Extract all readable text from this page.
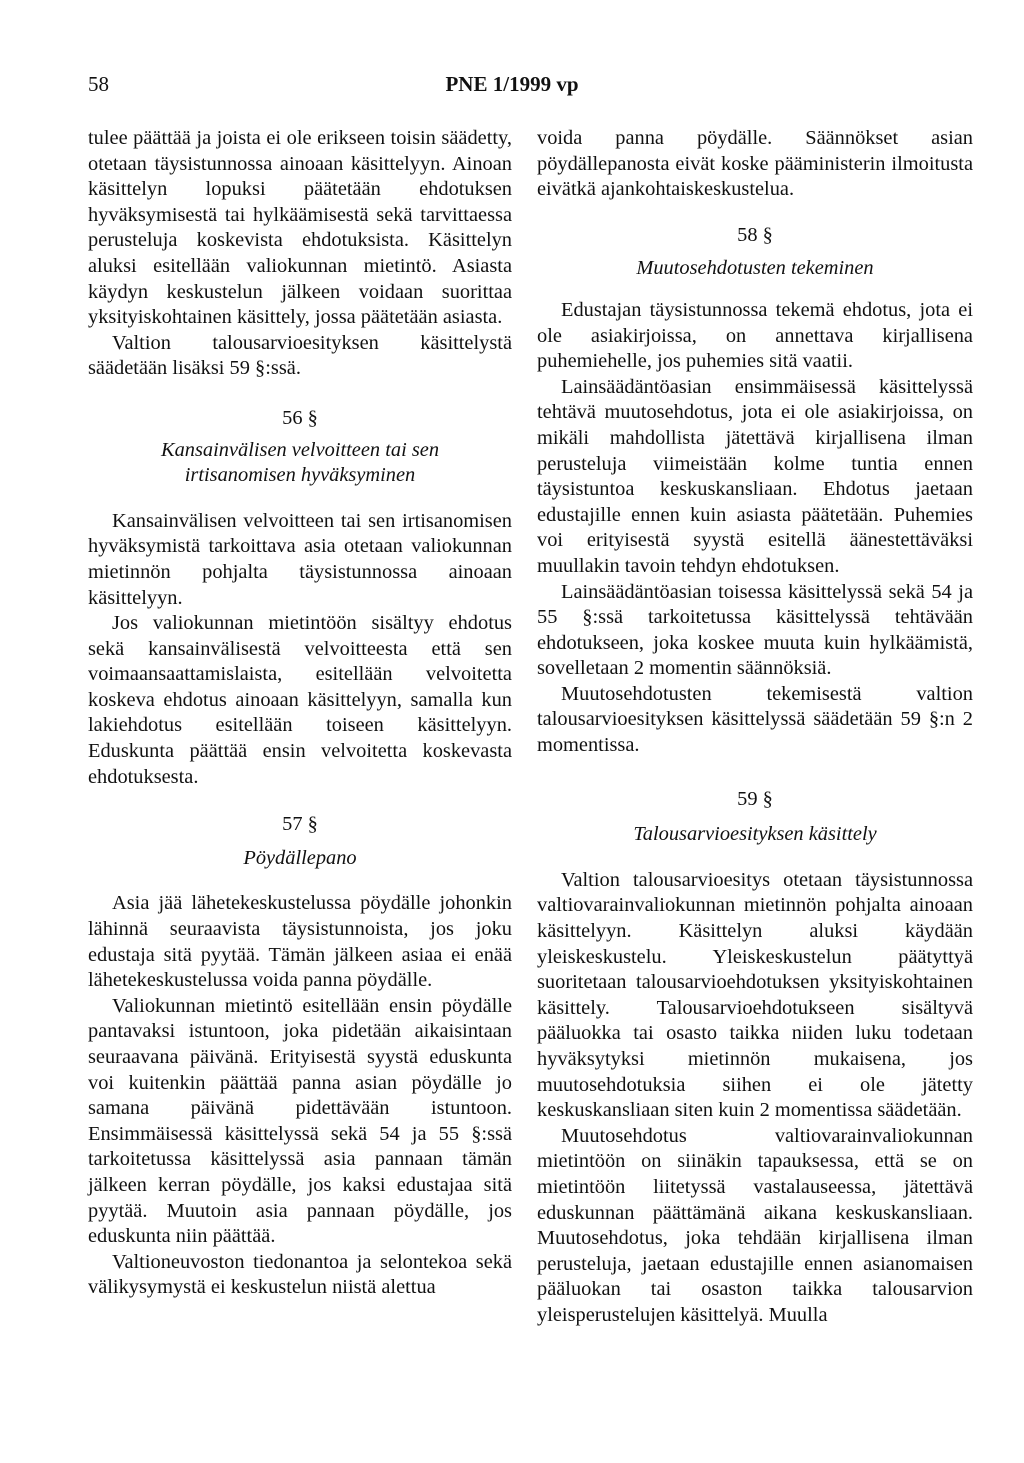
58	PNE 1/1999 vp

tulee päättää ja joista ei ole erikseen toisin säädetty, otetaan täysistunnossa ainoaan käsittelyyn. Ainoan käsittelyn lopuksi päätetään ehdotuksen hyväksymisestä tai hylkäämisestä sekä tarvittaessa perusteluja koskevista ehdotuksista. Käsittelyn aluksi esitellään valiokunnan mietintö. Asiasta käydyn keskustelun jälkeen voidaan suorittaa yksityiskohtainen käsittely, jossa päätetään asiasta.

Valtion talousarvioesityksen käsittelystä säädetään lisäksi 59 §:ssä.

56 §

Kansainvälisen velvoitteen tai sen irtisanomisen hyväksyminen

Kansainvälisen velvoitteen tai sen irtisanomisen hyväksymistä tarkoittava asia otetaan valiokunnan mietinnön pohjalta täysistunnossa ainoaan käsittelyyn.

Jos valiokunnan mietintöön sisältyy ehdotus sekä kansainvälisestä velvoitteesta että sen voimaansaattamislaista, esitellään velvoitetta koskeva ehdotus ainoaan käsittelyyn, samalla kun lakiehdotus esitellään toiseen käsittelyyn. Eduskunta päättää ensin velvoitetta koskevasta ehdotuksesta.

57 §

Pöydällepano

Asia jää lähetekeskustelussa pöydälle johonkin lähinnä seuraavista täysistunnoista, jos joku edustaja sitä pyytää. Tämän jälkeen asiaa ei enää lähetekeskustelussa voida panna pöydälle.

Valiokunnan mietintö esitellään ensin pöydälle pantavaksi istuntoon, joka pidetään aikaisintaan seuraavana päivänä. Erityisestä syystä eduskunta voi kuitenkin päättää panna asian pöydälle jo samana päivänä pidettävään istuntoon. Ensimmäisessä käsittelyssä sekä 54 ja 55 §:ssä tarkoitetussa käsittelyssä asia pannaan tämän jälkeen kerran pöydälle, jos kaksi edustajaa sitä pyytää. Muutoin asia pannaan pöydälle, jos eduskunta niin päättää.

Valtioneuvoston tiedonantoa ja selontekoa sekä välikysymystä ei keskustelun niistä alettua

voida panna pöydälle. Säännökset asian pöydällepanosta eivät koske pääministerin ilmoitusta eivätkä ajankohtaiskeskustelua.

58 §

Muutosehdotusten tekeminen

Edustajan täysistunnossa tekemä ehdotus, jota ei ole asiakirjoissa, on annettava kirjallisena puhemiehelle, jos puhemies sitä vaatii.

Lainsäädäntöasian ensimmäisessä käsittelyssä tehtävä muutosehdotus, jota ei ole asiakirjoissa, on mikäli mahdollista jätettävä kirjallisena ilman perusteluja viimeistään kolme tuntia ennen täysistuntoa keskuskansliaan. Ehdotus jaetaan edustajille ennen kuin asiasta päätetään. Puhemies voi erityisestä syystä esitellä äänestettäväksi muullakin tavoin tehdyn ehdotuksen.

Lainsäädäntöasian toisessa käsittelyssä sekä 54 ja 55 §:ssä tarkoitetussa käsittelyssä tehtävään ehdotukseen, joka koskee muuta kuin hylkäämistä, sovelletaan 2 momentin säännöksiä.

Muutosehdotusten tekemisestä valtion talousarvioesityksen käsittelyssä säädetään 59 §:n 2 momentissa.

59 §

Talousarvioesityksen käsittely

Valtion talousarvioesitys otetaan täysistunnossa valtiovarainvaliokunnan mietinnön pohjalta ainoaan käsittelyyn. Käsittelyn aluksi käydään yleiskeskustelu. Yleiskeskustelun päätyttyä suoritetaan talousarvioehdotuksen yksityiskohtainen käsittely. Talousarvioehdotukseen sisältyvä pääluokka tai osasto taikka niiden luku todetaan hyväksytyksi mietinnön mukaisena, jos muutosehdotuksia siihen ei ole jätetty keskuskansliaan siten kuin 2 momentissa säädetään.

Muutosehdotus valtiovarainvaliokunnan mietintöön on siinäkin tapauksessa, että se on mietintöön liitetyssä vastalauseessa, jätettävä eduskunnan päättämänä aikana keskuskansliaan. Muutosehdotus, joka tehdään kirjallisena ilman perusteluja, jaetaan edustajille ennen asianomaisen pääluokan tai osaston taikka talousarvion yleisperustelujen käsittelyä. Muulla
